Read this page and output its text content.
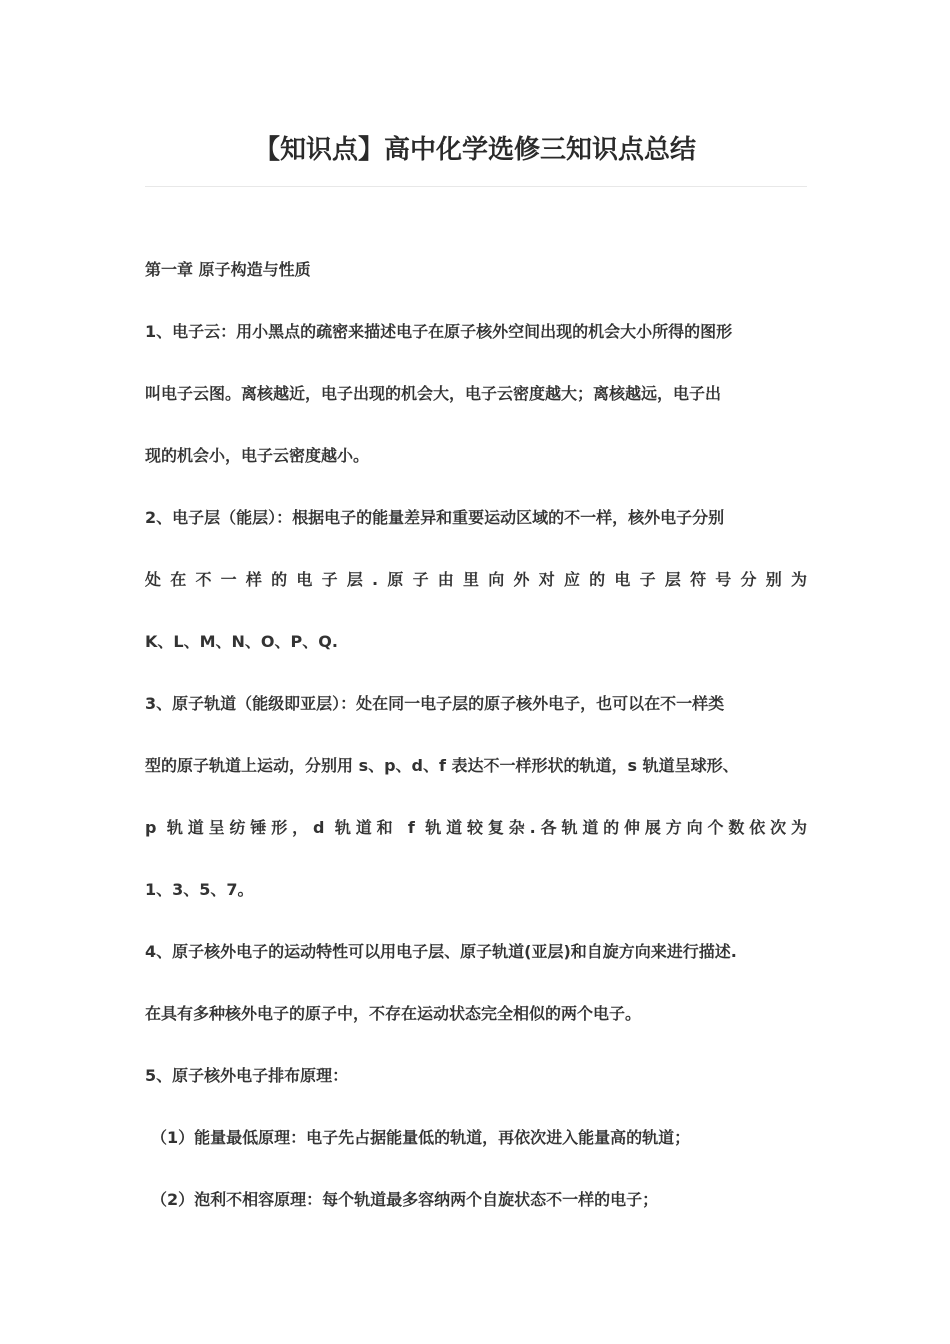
【知识点】高中化学选修三知识点总结
第一章 原子构造与性质
1、电子云：用小黑点的疏密来描述电子在原子核外空间出现的机会大小所得的图形
叫电子云图。离核越近，电子出现的机会大，电子云密度越大；离核越远，电子出
现的机会小，电子云密度越小。
2、电子层（能层）：根据电子的能量差异和重要运动区域的不一样，核外电子分别
处在不一样的电子层.原子由里向外对应的电子层符号分别为
K、L、M、N、O、P、Q.
3、原子轨道（能级即亚层）：处在同一电子层的原子核外电子，也可以在不一样类
型的原子轨道上运动，分别用 s、p、d、f 表达不一样形状的轨道，s 轨道呈球形、
p 轨道呈纺锤形，d 轨道和 f 轨道较复杂.各轨道的伸展方向个数依次为
1、3、5、7。
4、原子核外电子的运动特性可以用电子层、原子轨道(亚层)和自旋方向来进行描述.
在具有多种核外电子的原子中，不存在运动状态完全相似的两个电子。
5、原子核外电子排布原理：
（1）能量最低原理：电子先占据能量低的轨道，再依次进入能量高的轨道；
（2）泡利不相容原理：每个轨道最多容纳两个自旋状态不一样的电子；
